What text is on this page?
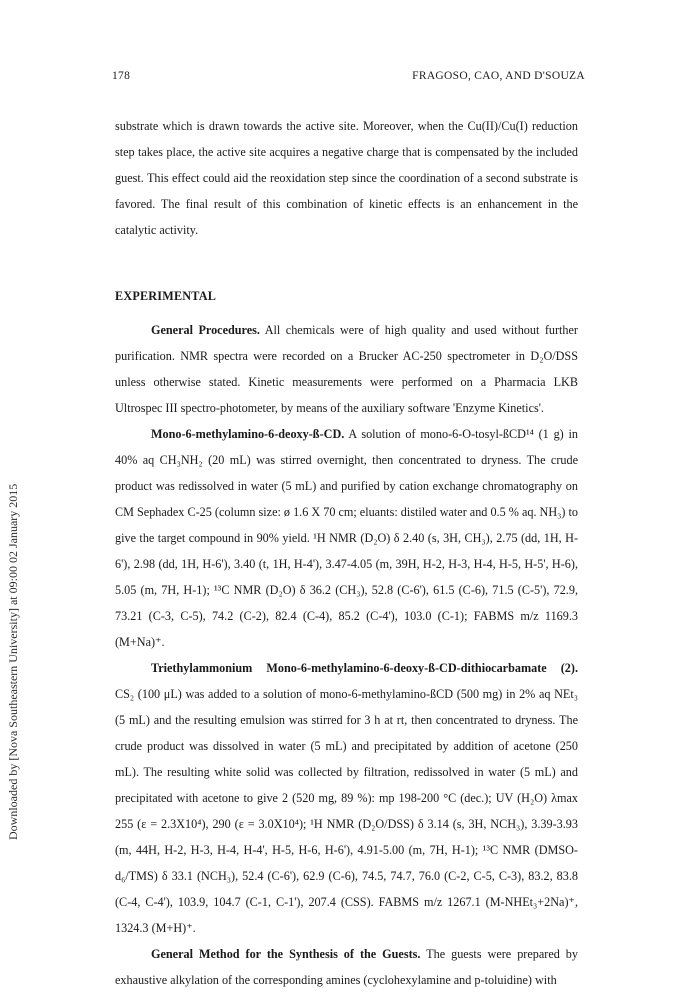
178	FRAGOSO, CAO, AND D'SOUZA
Downloaded by [Nova Southeastern University] at 09:00 02 January 2015

substrate which is drawn towards the active site. Moreover, when the Cu(II)/Cu(I) reduction step takes place, the active site acquires a negative charge that is compensated by the included guest. This effect could aid the reoxidation step since the coordination of a second substrate is favored. The final result of this combination of kinetic effects is an enhancement in the catalytic activity.

EXPERIMENTAL

General Procedures. All chemicals were of high quality and used without further purification. NMR spectra were recorded on a Brucker AC-250 spectrometer in D₂O/DSS unless otherwise stated. Kinetic measurements were performed on a Pharmacia LKB Ultrospec III spectro-photometer, by means of the auxiliary software 'Enzyme Kinetics'.

Mono-6-methylamino-6-deoxy-ß-CD. A solution of mono-6-O-tosyl-ßCD¹⁴ (1 g) in 40% aq CH₃NH₂ (20 mL) was stirred overnight, then concentrated to dryness. The crude product was redissolved in water (5 mL) and purified by cation exchange chromatography on CM Sephadex C-25 (column size: ø 1.6 X 70 cm; eluants: distiled water and 0.5 % aq. NH₃) to give the target compound in 90% yield. ¹H NMR (D₂O) δ 2.40 (s, 3H, CH₃), 2.75 (dd, 1H, H-6'), 2.98 (dd, 1H, H-6'), 3.40 (t, 1H, H-4'), 3.47-4.05 (m, 39H, H-2, H-3, H-4, H-5, H-5', H-6), 5.05 (m, 7H, H-1); ¹³C NMR (D₂O) δ 36.2 (CH₃), 52.8 (C-6'), 61.5 (C-6), 71.5 (C-5'), 72.9, 73.21 (C-3, C-5), 74.2 (C-2), 82.4 (C-4), 85.2 (C-4'), 103.0 (C-1); FABMS m/z 1169.3 (M+Na)⁺.

Triethylammonium Mono-6-methylamino-6-deoxy-ß-CD-dithiocarbamate (2). CS₂ (100 μL) was added to a solution of mono-6-methylamino-ßCD (500 mg) in 2% aq NEt₃ (5 mL) and the resulting emulsion was stirred for 3 h at rt, then concentrated to dryness. The crude product was dissolved in water (5 mL) and precipitated by addition of acetone (250 mL). The resulting white solid was collected by filtration, redissolved in water (5 mL) and precipitated with acetone to give 2 (520 mg, 89 %): mp 198-200 °C (dec.); UV (H₂O) λmax 255 (ε = 2.3X10⁴), 290 (ε = 3.0X10⁴); ¹H NMR (D₂O/DSS) δ 3.14 (s, 3H, NCH₃), 3.39-3.93 (m, 44H, H-2, H-3, H-4, H-4', H-5, H-6, H-6'), 4.91-5.00 (m, 7H, H-1); ¹³C NMR (DMSO-d₆/TMS) δ 33.1 (NCH₃), 52.4 (C-6'), 62.9 (C-6), 74.5, 74.7, 76.0 (C-2, C-5, C-3), 83.2, 83.8 (C-4, C-4'), 103.9, 104.7 (C-1, C-1'), 207.4 (CSS). FABMS m/z 1267.1 (M-NHEt₃+2Na)⁺, 1324.3 (M+H)⁺.

General Method for the Synthesis of the Guests. The guests were prepared by exhaustive alkylation of the corresponding amines (cyclohexylamine and p-toluidine) with
